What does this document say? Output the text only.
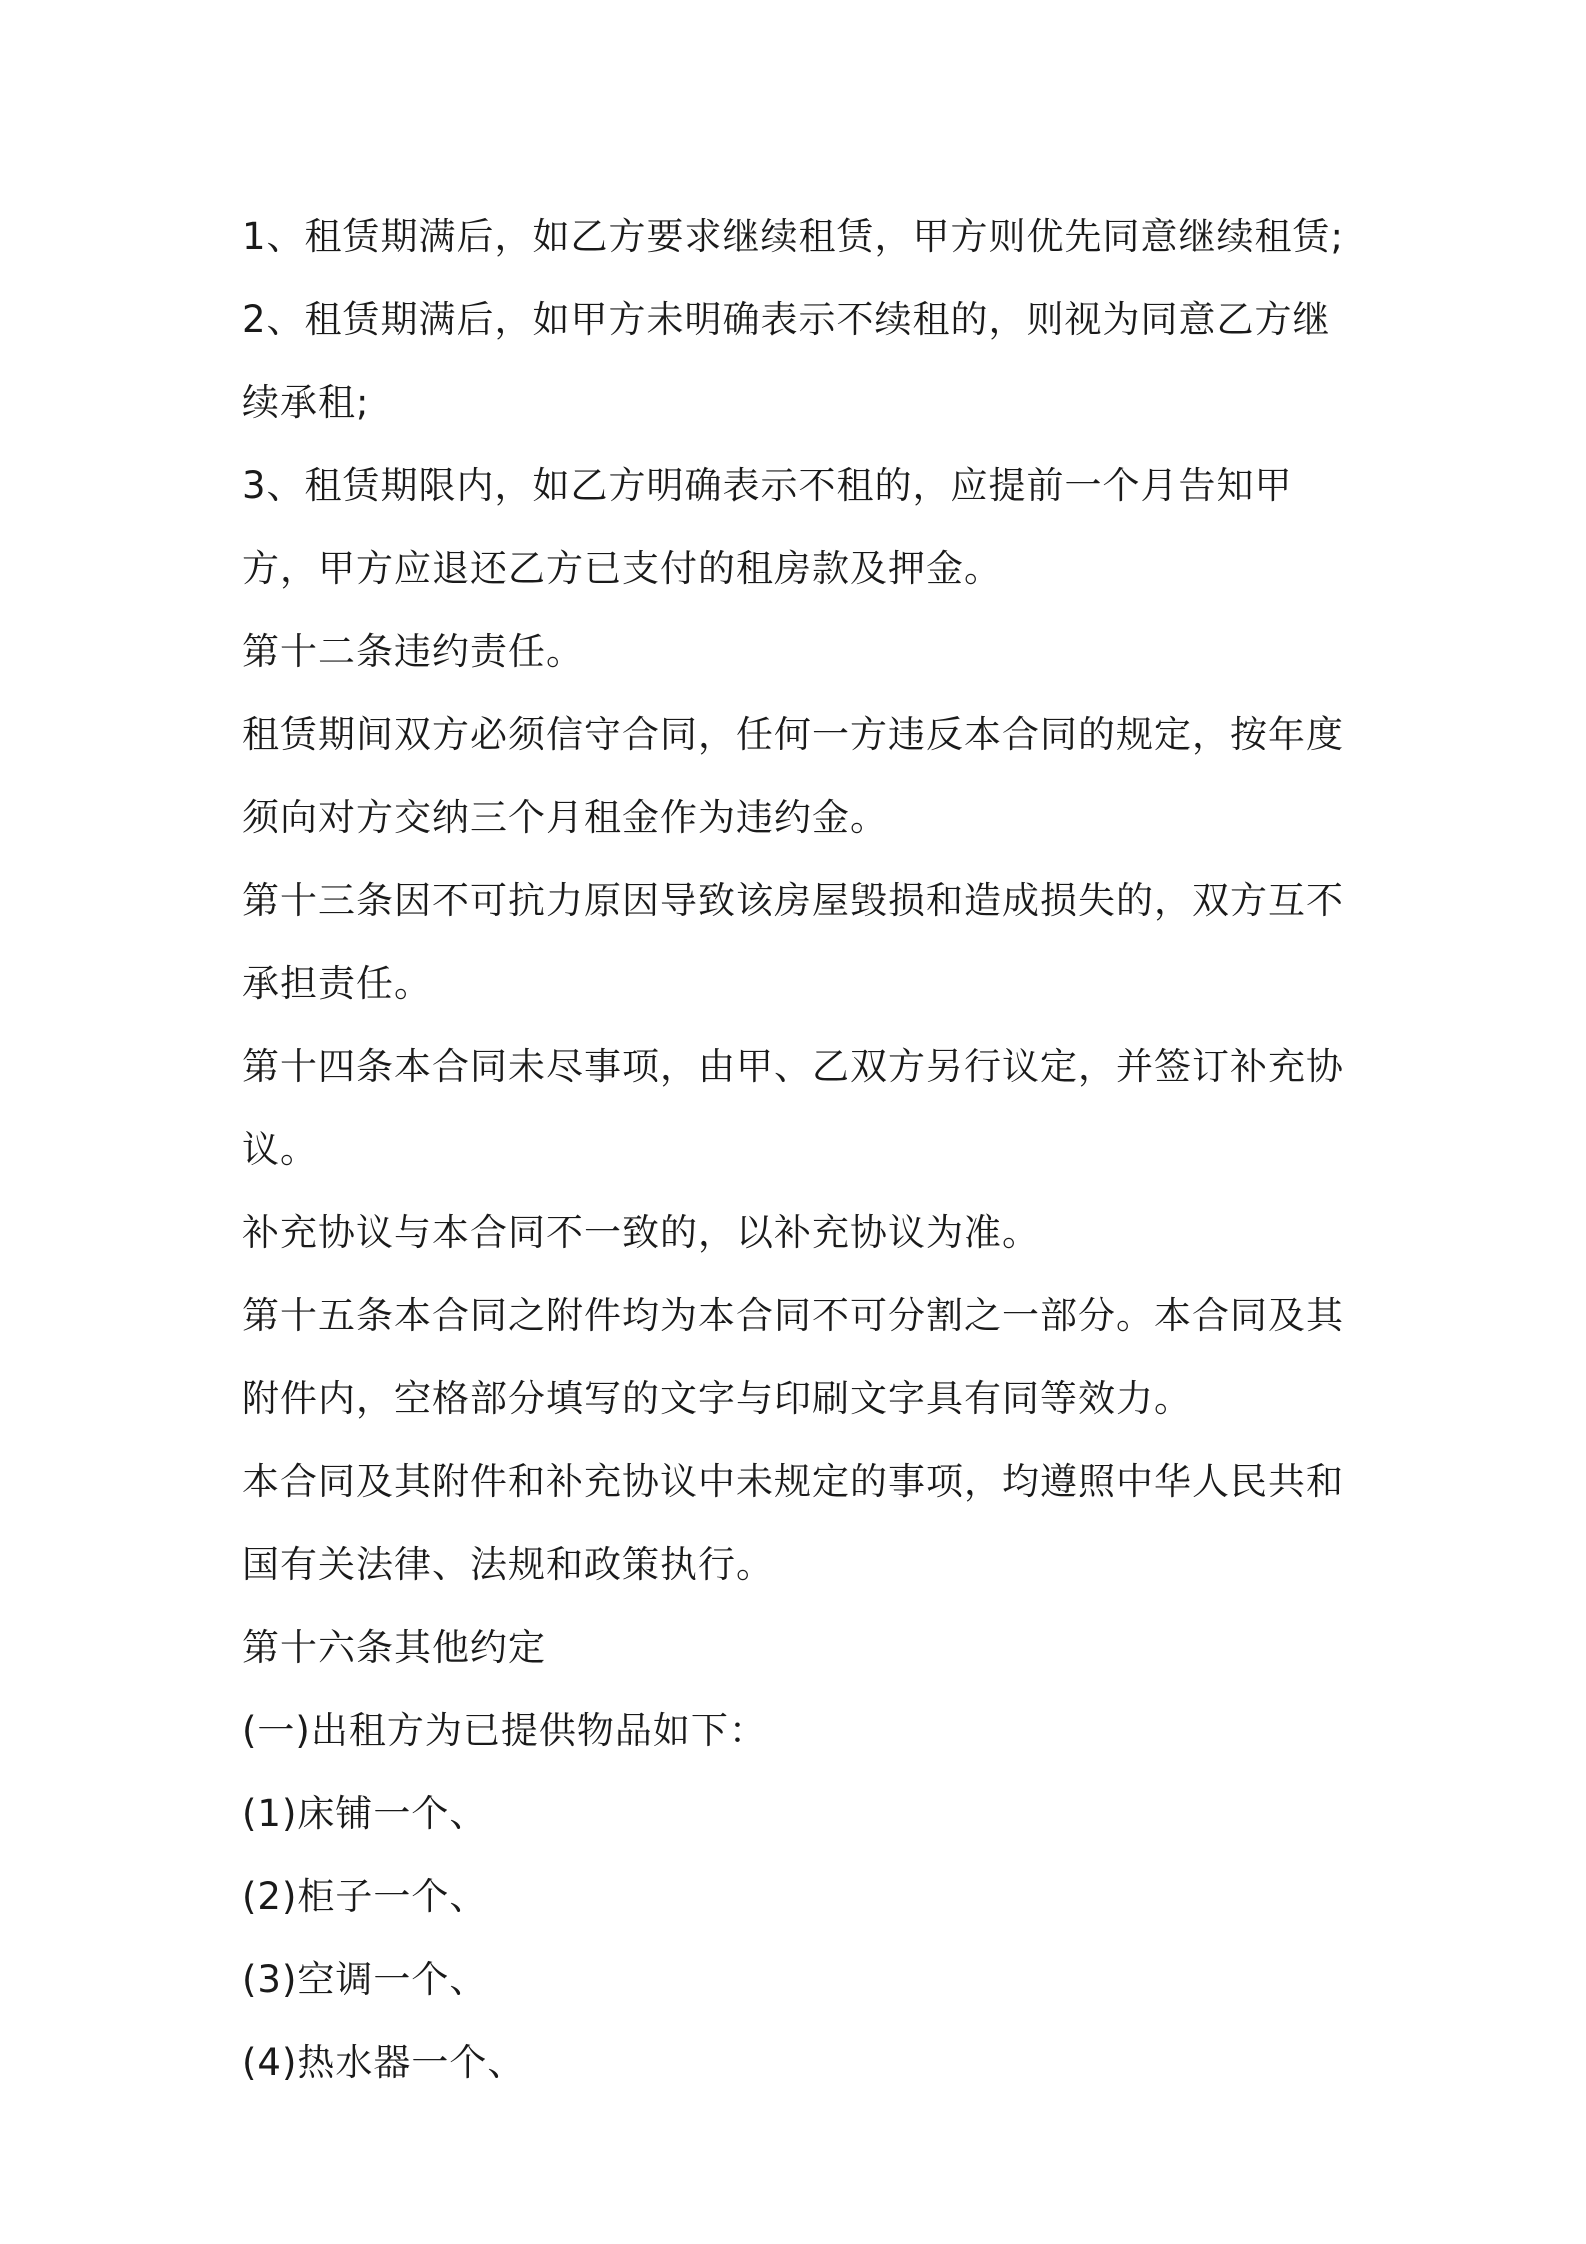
1、租赁期满后，如乙方要求继续租赁，甲方则优先同意继续租赁;

2、租赁期满后，如甲方未明确表示不续租的，则视为同意乙方继续承租;

3、租赁期限内，如乙方明确表示不租的，应提前一个月告知甲方，甲方应退还乙方已支付的租房款及押金。

第十二条违约责任。

租赁期间双方必须信守合同，任何一方违反本合同的规定，按年度须向对方交纳三个月租金作为违约金。

第十三条因不可抗力原因导致该房屋毁损和造成损失的，双方互不承担责任。

第十四条本合同未尽事项，由甲、乙双方另行议定，并签订补充协议。

补充协议与本合同不一致的，以补充协议为准。

第十五条本合同之附件均为本合同不可分割之一部分。本合同及其附件内，空格部分填写的文字与印刷文字具有同等效力。

本合同及其附件和补充协议中未规定的事项，均遵照中华人民共和国有关法律、法规和政策执行。

第十六条其他约定

(一)出租方为已提供物品如下：

(1)床铺一个、

(2)柜子一个、

(3)空调一个、

(4)热水器一个、
